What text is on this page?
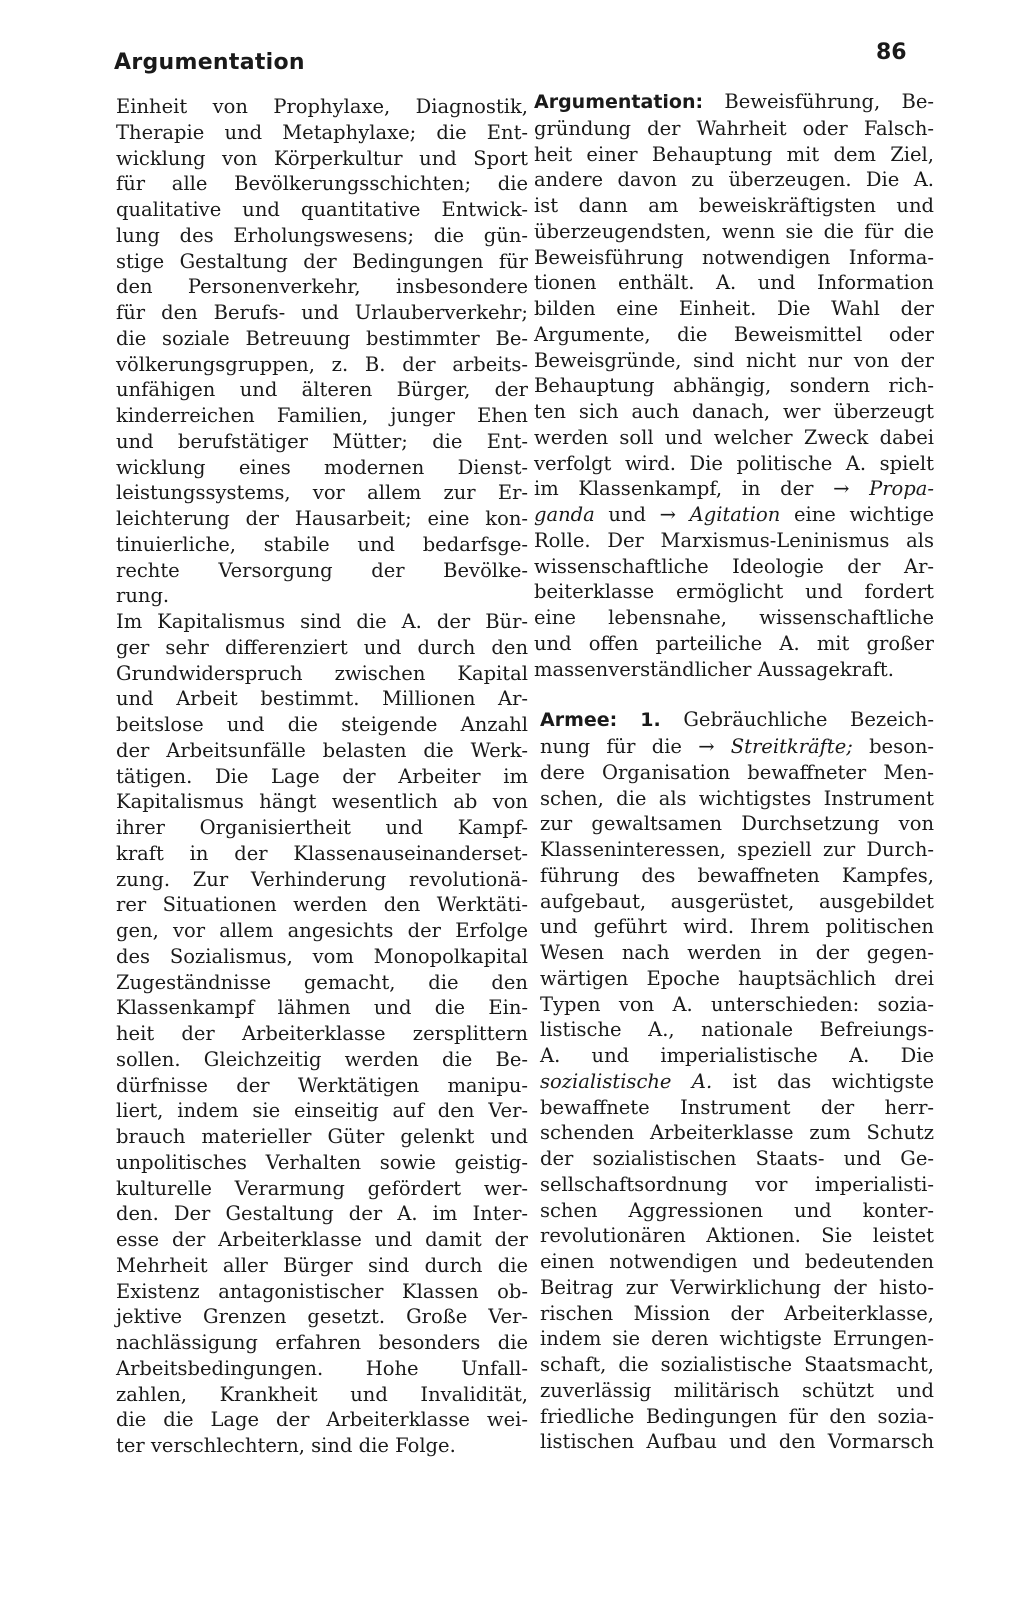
Argumentation	86
Einheit von Prophylaxe, Diagnostik,
Therapie und Metaphylaxe; die Ent-
wicklung von Körperkultur und Sport
für alle Bevölkerungsschichten; die
qualitative und quantitative Entwick-
lung des Erholungswesens; die gün-
stige Gestaltung der Bedingungen für
den Personenverkehr, insbesondere
für den Berufs- und Urlauberverkehr;
die soziale Betreuung bestimmter Be-
völkerungsgruppen, z. B. der arbeits-
unfähigen und älteren Bürger, der
kinderreichen Familien, junger Ehen
und berufstätiger Mütter; die Ent-
wicklung eines modernen Dienst-
leistungssystems, vor allem zur Er-
leichterung der Hausarbeit; eine kon-
tinuierliche, stabile und bedarfsge-
rechte Versorgung der Bevölke-
rung.
Im Kapitalismus sind die A. der Bür-
ger sehr differenziert und durch den
Grundwiderspruch zwischen Kapital
und Arbeit bestimmt. Millionen Ar-
beitslose und die steigende Anzahl
der Arbeitsunfälle belasten die Werk-
tätigen. Die Lage der Arbeiter im
Kapitalismus hängt wesentlich ab von
ihrer Organisiertheit und Kampf-
kraft in der Klassenauseinanderset-
zung. Zur Verhinderung revolutionä-
rer Situationen werden den Werktäti-
gen, vor allem angesichts der Erfolge
des Sozialismus, vom Monopolkapital
Zugeständnisse gemacht, die den
Klassenkampf lähmen und die Ein-
heit der Arbeiterklasse zersplittern
sollen. Gleichzeitig werden die Be-
dürfnisse der Werktätigen manipu-
liert, indem sie einseitig auf den Ver-
brauch materieller Güter gelenkt und
unpolitisches Verhalten sowie geistig-
kulturelle Verarmung gefördert wer-
den. Der Gestaltung der A. im Inter-
esse der Arbeiterklasse und damit der
Mehrheit aller Bürger sind durch die
Existenz antagonistischer Klassen ob-
jektive Grenzen gesetzt. Große Ver-
nachlässigung erfahren besonders die
Arbeitsbedingungen. Hohe Unfall-
zahlen, Krankheit und Invalidität,
die die Lage der Arbeiterklasse wei-
ter verschlechtern, sind die Folge.
Argumentation: Beweisführung, Be-
gründung der Wahrheit oder Falsch-
heit einer Behauptung mit dem Ziel,
andere davon zu überzeugen. Die A.
ist dann am beweiskräftigsten und
überzeugendsten, wenn sie die für die
Beweisführung notwendigen Informa-
tionen enthält. A. und Information
bilden eine Einheit. Die Wahl der
Argumente, die Beweismittel oder
Beweisgründe, sind nicht nur von der
Behauptung abhängig, sondern rich-
ten sich auch danach, wer überzeugt
werden soll und welcher Zweck dabei
verfolgt wird. Die politische A. spielt
im Klassenkampf, in der → Propa-
ganda und → Agitation eine wichtige
Rolle. Der Marxismus-Leninismus als
wissenschaftliche Ideologie der Ar-
beiterklasse ermöglicht und fordert
eine lebensnahe, wissenschaftliche
und offen parteiliche A. mit großer
massenverständlicher Aussagekraft.
Armee: 1. Gebräuchliche Bezeich-
nung für die → Streitkräfte; beson-
dere Organisation bewaffneter Men-
schen, die als wichtigstes Instrument
zur gewaltsamen Durchsetzung von
Klasseninteressen, speziell zur Durch-
führung des bewaffneten Kampfes,
aufgebaut, ausgerüstet, ausgebildet
und geführt wird. Ihrem politischen
Wesen nach werden in der gegen-
wärtigen Epoche hauptsächlich drei
Typen von A. unterschieden: sozia-
listische A., nationale Befreiungs-
A. und imperialistische A. Die
sozialistische A. ist das wichtigste
bewaffnete Instrument der herr-
schenden Arbeiterklasse zum Schutz
der sozialistischen Staats- und Ge-
sellschaftsordnung vor imperialisti-
schen Aggressionen und konter-
revolutionären Aktionen. Sie leistet
einen notwendigen und bedeutenden
Beitrag zur Verwirklichung der histo-
rischen Mission der Arbeiterklasse,
indem sie deren wichtigste Errungen-
schaft, die sozialistische Staatsmacht,
zuverlässig militärisch schützt und
friedliche Bedingungen für den sozia-
listischen Aufbau und den Vormarsch
